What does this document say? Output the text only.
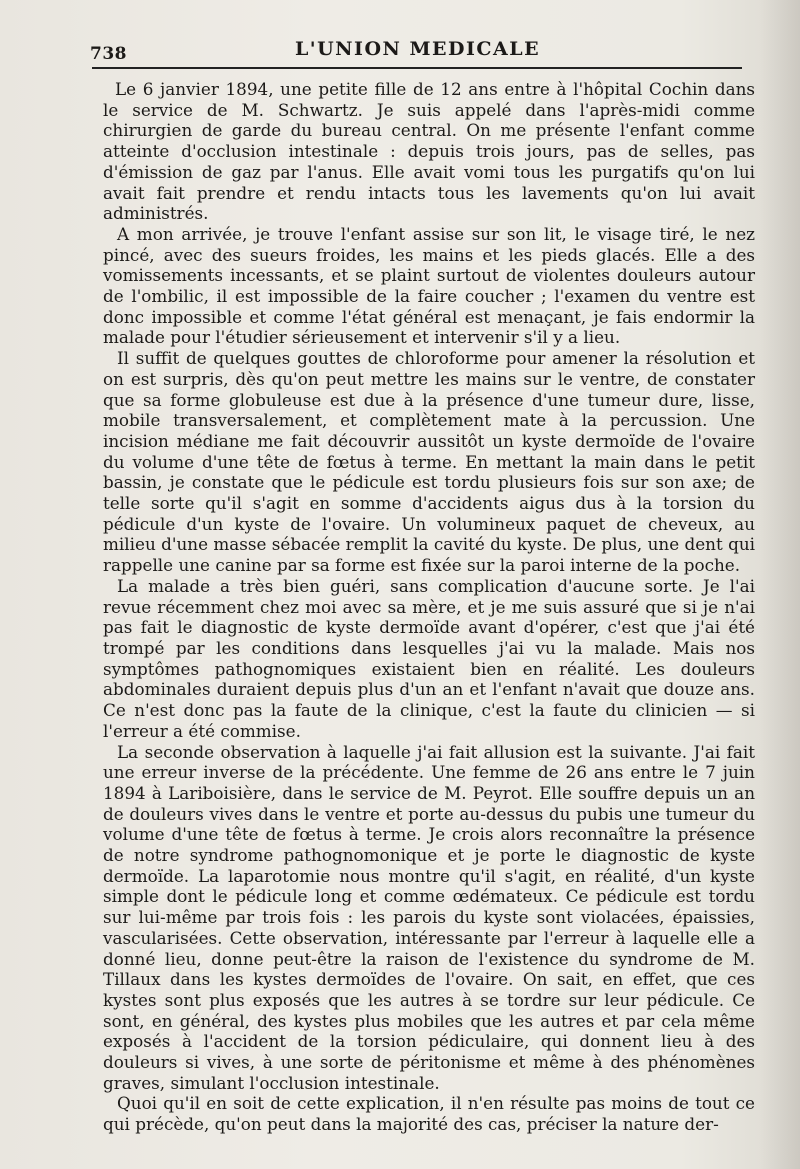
738	L'UNION MEDICALE

Le 6 janvier 1894, une petite fille de 12 ans entre à l'hôpital Cochin dans le service de M. Schwartz. Je suis appelé dans l'après-midi comme chirurgien de garde du bureau central. On me présente l'enfant comme atteinte d'occlusion intestinale : depuis trois jours, pas de selles, pas d'émission de gaz par l'anus. Elle avait vomi tous les purgatifs qu'on lui avait fait prendre et rendu intacts tous les lavements qu'on lui avait administrés.

A mon arrivée, je trouve l'enfant assise sur son lit, le visage tiré, le nez pincé, avec des sueurs froides, les mains et les pieds glacés. Elle a des vomissements incessants, et se plaint surtout de violentes douleurs autour de l'ombilic, il est impossible de la faire coucher ; l'examen du ventre est donc impossible et comme l'état général est menaçant, je fais endormir la malade pour l'étudier sérieusement et intervenir s'il y a lieu.

Il suffit de quelques gouttes de chloroforme pour amener la résolution et on est surpris, dès qu'on peut mettre les mains sur le ventre, de constater que sa forme globuleuse est due à la présence d'une tumeur dure, lisse, mobile transversalement, et complètement mate à la percussion. Une incision médiane me fait découvrir aussitôt un kyste dermoïde de l'ovaire du volume d'une tête de fœtus à terme. En mettant la main dans le petit bassin, je constate que le pédicule est tordu plusieurs fois sur son axe; de telle sorte qu'il s'agit en somme d'accidents aigus dus à la torsion du pédicule d'un kyste de l'ovaire. Un volumineux paquet de cheveux, au milieu d'une masse sébacée remplit la cavité du kyste. De plus, une dent qui rappelle une canine par sa forme est fixée sur la paroi interne de la poche.

La malade a très bien guéri, sans complication d'aucune sorte. Je l'ai revue récemment chez moi avec sa mère, et je me suis assuré que si je n'ai pas fait le diagnostic de kyste dermoïde avant d'opérer, c'est que j'ai été trompé par les conditions dans lesquelles j'ai vu la malade. Mais nos symptômes pathognomiques existaient bien en réalité. Les douleurs abdominales duraient depuis plus d'un an et l'enfant n'avait que douze ans. Ce n'est donc pas la faute de la clinique, c'est la faute du clinicien — si l'erreur a été commise.

La seconde observation à laquelle j'ai fait allusion est la suivante. J'ai fait une erreur inverse de la précédente. Une femme de 26 ans entre le 7 juin 1894 à Lariboisière, dans le service de M. Peyrot. Elle souffre depuis un an de douleurs vives dans le ventre et porte au-dessus du pubis une tumeur du volume d'une tête de fœtus à terme. Je crois alors reconnaître la présence de notre syndrome pathognomonique et je porte le diagnostic de kyste dermoïde. La laparotomie nous montre qu'il s'agit, en réalité, d'un kyste simple dont le pédicule long et comme œdémateux. Ce pédicule est tordu sur lui-même par trois fois : les parois du kyste sont violacées, épaissies, vascularisées. Cette observation, intéressante par l'erreur à laquelle elle a donné lieu, donne peut-être la raison de l'existence du syndrome de M. Tillaux dans les kystes dermoïdes de l'ovaire. On sait, en effet, que ces kystes sont plus exposés que les autres à se tordre sur leur pédicule. Ce sont, en général, des kystes plus mobiles que les autres et par cela même exposés à l'accident de la torsion pédiculaire, qui donnent lieu à des douleurs si vives, à une sorte de péritonisme et même à des phénomènes graves, simulant l'occlusion intestinale.

Quoi qu'il en soit de cette explication, il n'en résulte pas moins de tout ce qui précède, qu'on peut dans la majorité des cas, préciser la nature der-
